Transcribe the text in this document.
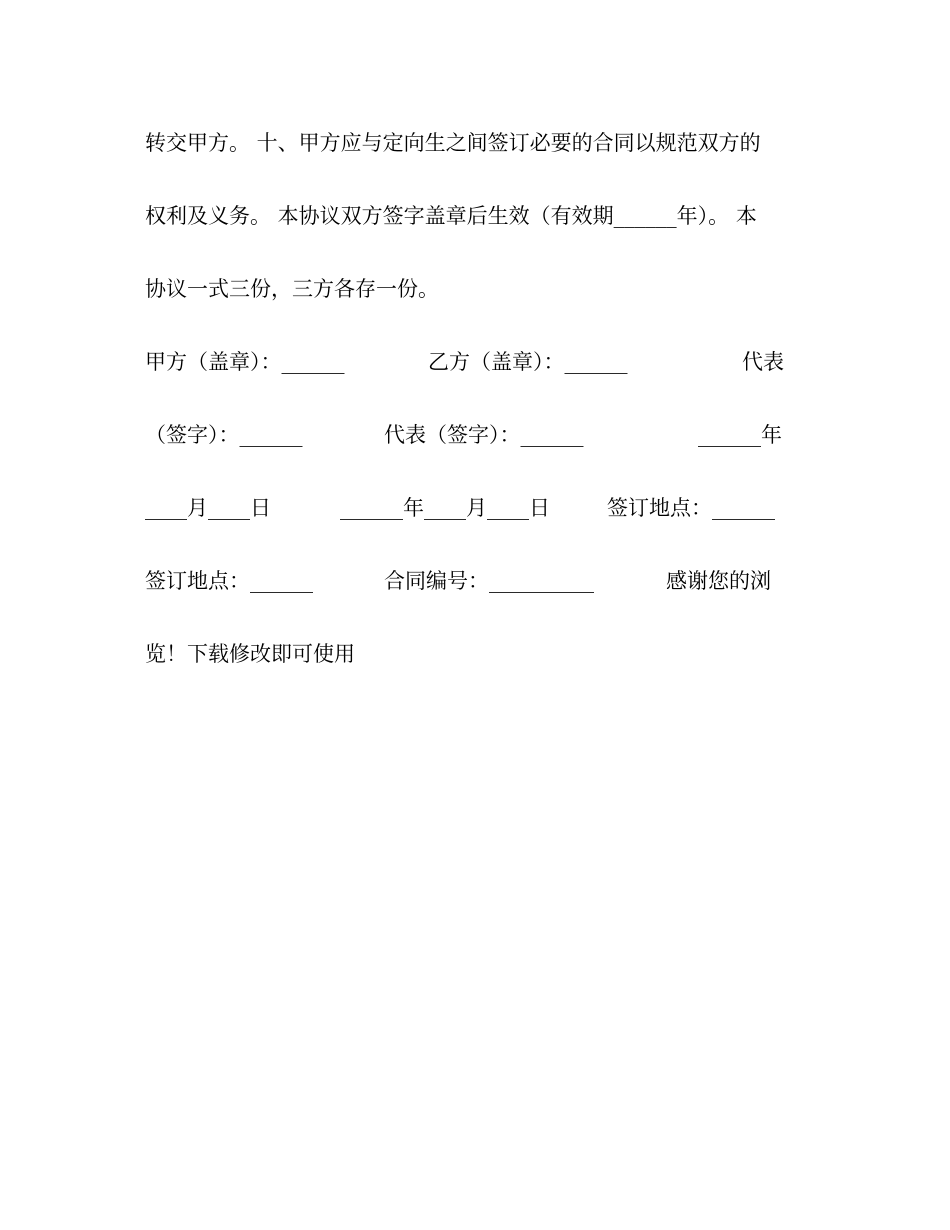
转交甲方。 十、甲方应与定向生之间签订必要的合同以规范双方的
权利及义务。 本协议双方签字盖章后生效（有效期______年）。 本
协议一式三份，三方各存一份。
甲方（盖章）：______	乙方（盖章）：______	代表
（签字）：______	代表（签字）：______	______年
____月____日	______年____月____日	签订地点：______
签订地点：______	合同编号：__________	感谢您的浏
览！下载修改即可使用
